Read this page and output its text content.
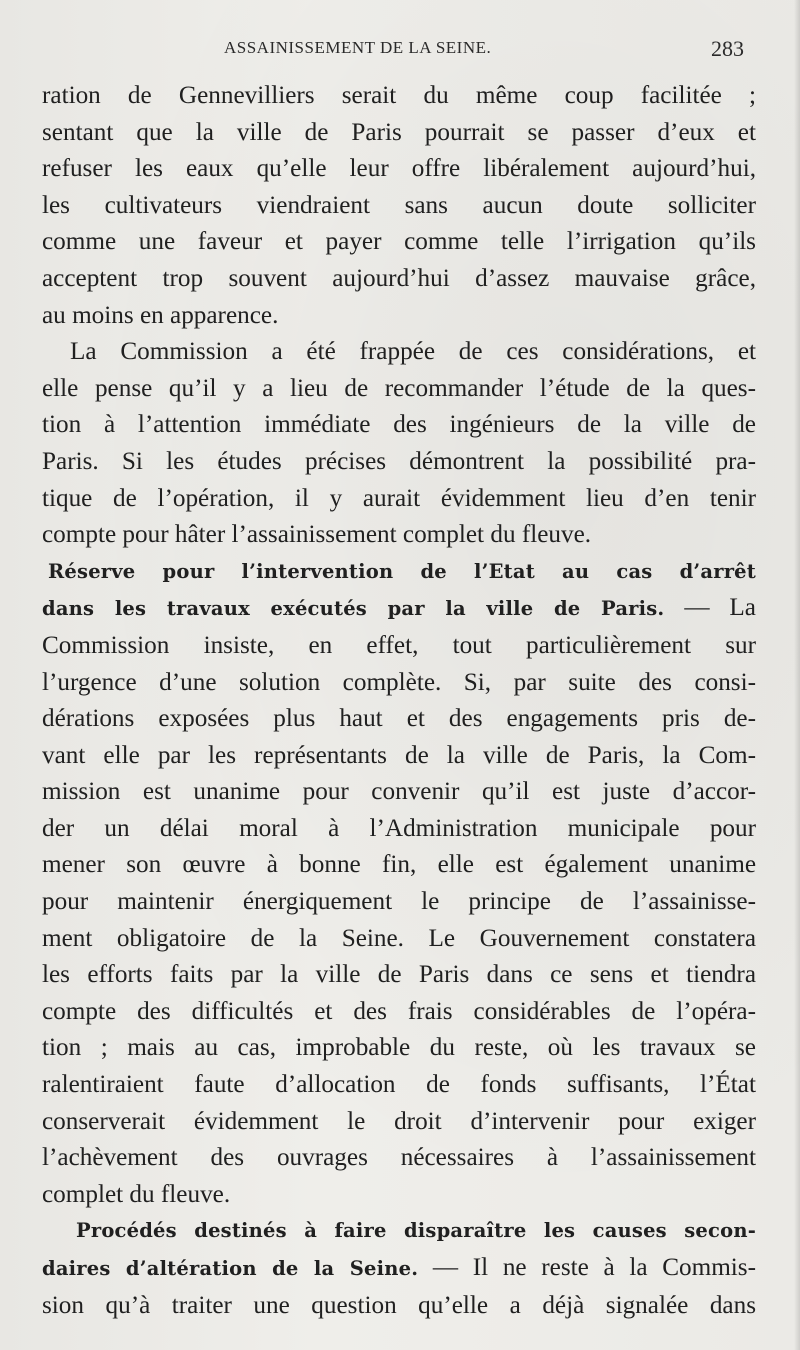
ASSAINISSEMENT DE LA SEINE.	283

ration de Gennevilliers serait du même coup facilitée ;
sentant que la ville de Paris pourrait se passer d’eux et
refuser les eaux qu’elle leur offre libéralement aujourd’hui,
les cultivateurs viendraient sans aucun doute solliciter
comme une faveur et payer comme telle l’irrigation qu’ils
acceptent trop souvent aujourd’hui d’assez mauvaise grâce,
au moins en apparence.

La Commission a été frappée de ces considérations, et
elle pense qu’il y a lieu de recommander l’étude de la ques-
tion à l’attention immédiate des ingénieurs de la ville de
Paris. Si les études précises démontrent la possibilité pra-
tique de l’opération, il y aurait évidemment lieu d’en tenir
compte pour hâter l’assainissement complet du fleuve.

Réserve pour l’intervention de l’Etat au cas d’arrêt
dans les travaux exécutés par la ville de Paris. — La
Commission insiste, en effet, tout particulièrement sur
l’urgence d’une solution complète. Si, par suite des consi-
dérations exposées plus haut et des engagements pris de-
vant elle par les représentants de la ville de Paris, la Com-
mission est unanime pour convenir qu’il est juste d’accor-
der un délai moral à l’Administration municipale pour
mener son œuvre à bonne fin, elle est également unanime
pour maintenir énergiquement le principe de l’assainisse-
ment obligatoire de la Seine. Le Gouvernement constatera
les efforts faits par la ville de Paris dans ce sens et tiendra
compte des difficultés et des frais considérables de l’opéra-
tion ; mais au cas, improbable du reste, où les travaux se
ralentiraient faute d’allocation de fonds suffisants, l’État
conserverait évidemment le droit d’intervenir pour exiger
l’achèvement des ouvrages nécessaires à l’assainissement
complet du fleuve.

Procédés destinés à faire disparaître les causes secon-
daires d’altération de la Seine. — Il ne reste à la Commis-
sion qu’à traiter une question qu’elle a déjà signalée dans
